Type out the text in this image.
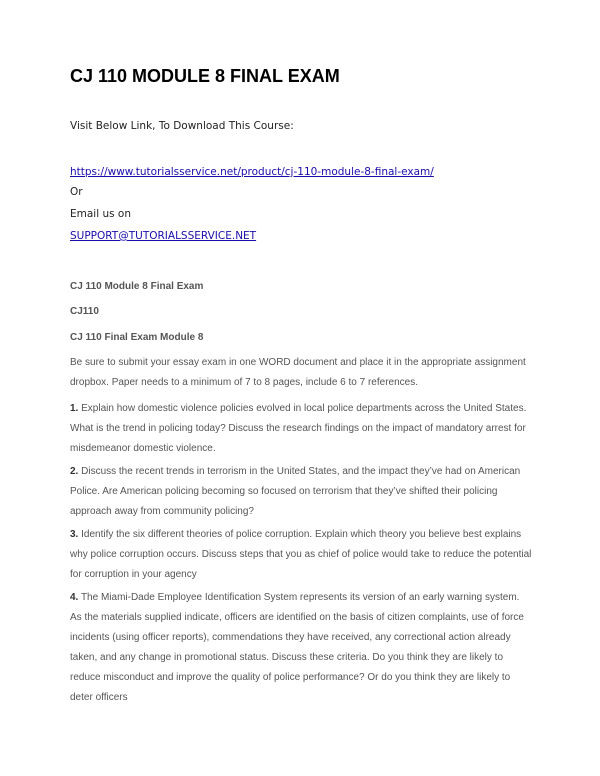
CJ 110 MODULE 8 FINAL EXAM
Visit Below Link, To Download This Course:
https://www.tutorialsservice.net/product/cj-110-module-8-final-exam/
Or
Email us on
SUPPORT@TUTORIALSSERVICE.NET
CJ 110 Module 8 Final Exam
CJ110
CJ 110 Final Exam Module 8

Be sure to submit your essay exam in one WORD document and place it in the appropriate assignment dropbox. Paper needs to a minimum of 7 to 8 pages, include 6 to 7 references.

1. Explain how domestic violence policies evolved in local police departments across the United States. What is the trend in policing today? Discuss the research findings on the impact of mandatory arrest for misdemeanor domestic violence.

2. Discuss the recent trends in terrorism in the United States, and the impact they’ve had on American Police. Are American policing becoming so focused on terrorism that they’ve shifted their policing approach away from community policing?

3. Identify the six different theories of police corruption. Explain which theory you believe best explains why police corruption occurs. Discuss steps that you as chief of police would take to reduce the potential for corruption in your agency

4. The Miami-Dade Employee Identification System represents its version of an early warning system. As the materials supplied indicate, officers are identified on the basis of citizen complaints, use of force incidents (using officer reports), commendations they have received, any correctional action already taken, and any change in promotional status. Discuss these criteria. Do you think they are likely to reduce misconduct and improve the quality of police performance? Or do you think they are likely to deter officers
